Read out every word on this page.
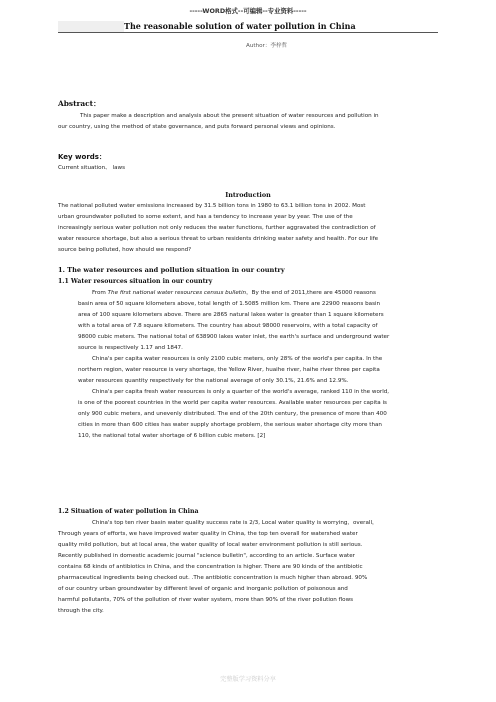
-----WORD格式--可编辑--专业资料-----
The reasonable solution of water pollution in China
Author：李梓哲
Abstract：
This paper make a description and analysis about the present situation of water resources and pollution in
our country, using the method of state governance, and puts forward personal views and opinions.
Key words：
Current situation、 laws
Introduction
The national polluted water emissions increased by 31.5 billion tons in 1980 to 63.1 billion tons in 2002. Most
urban groundwater polluted to some extent, and has a tendency to increase year by year. The use of the
increasingly serious water pollution not only reduces the water functions, further aggravated the contradiction of
water resource shortage, but also a serious threat to urban residents drinking water safety and health. For our life
source being polluted, how should we respond?
1. The water resources and pollution situation in our country
1.1 Water resources situation in our country
From The first national water resources census bulletin，By the end of 2011,there are 45000 reasons
basin area of 50 square kilometers above, total length of 1.5085 million km. There are 22900 reasons basin
area of 100 square kilometers above. There are 2865 natural lakes water is greater than 1 square kilometers
with a total area of 7.8 square kilometers. The country has about 98000 reservoirs, with a total capacity of
98000 cubic meters. The national total of 638900 lakes water inlet, the earth's surface and underground water
source is respectively 1.17 and 1847.
China's per capita water resources is only 2100 cubic meters, only 28% of the world's per capita. In the
northern region, water resource is very shortage, the Yellow River, huaihe river, haihe river three per capita
water resources quantity respectively for the national average of only 30.1%, 21.6% and 12.9%.
China's per capita fresh water resources is only a quarter of the world's average, ranked 110 in the world,
is one of the poorest countries in the world per capita water resources. Available water resources per capita is
only 900 cubic meters, and unevenly distributed. The end of the 20th century, the presence of more than 400
cities in more than 600 cities has water supply shortage problem, the serious water shortage city more than
110, the national total water shortage of 6 billion cubic meters. [2]
1.2 Situation of water pollution in China
China's top ten river basin water quality success rate is 2/3, Local water quality is worrying，overall，
Through years of efforts, we have improved water quality in China, the top ten overall for watershed water
quality mild pollution, but at local area, the water quality of local water environment pollution is still serious.
Recently published in domestic academic journal "science bulletin", according to an article. Surface water
contains 68 kinds of antibiotics in China, and the concentration is higher. There are 90 kinds of the antibiotic
pharmaceutical ingredients being checked out. .The antibiotic concentration is much higher than abroad. 90%
of our country urban groundwater by different level of organic and inorganic pollution of poisonous and
harmful pollutants, 70% of the pollution of river water system, more than 90% of the river pollution flows
through the city.
完整版学习资料分享
